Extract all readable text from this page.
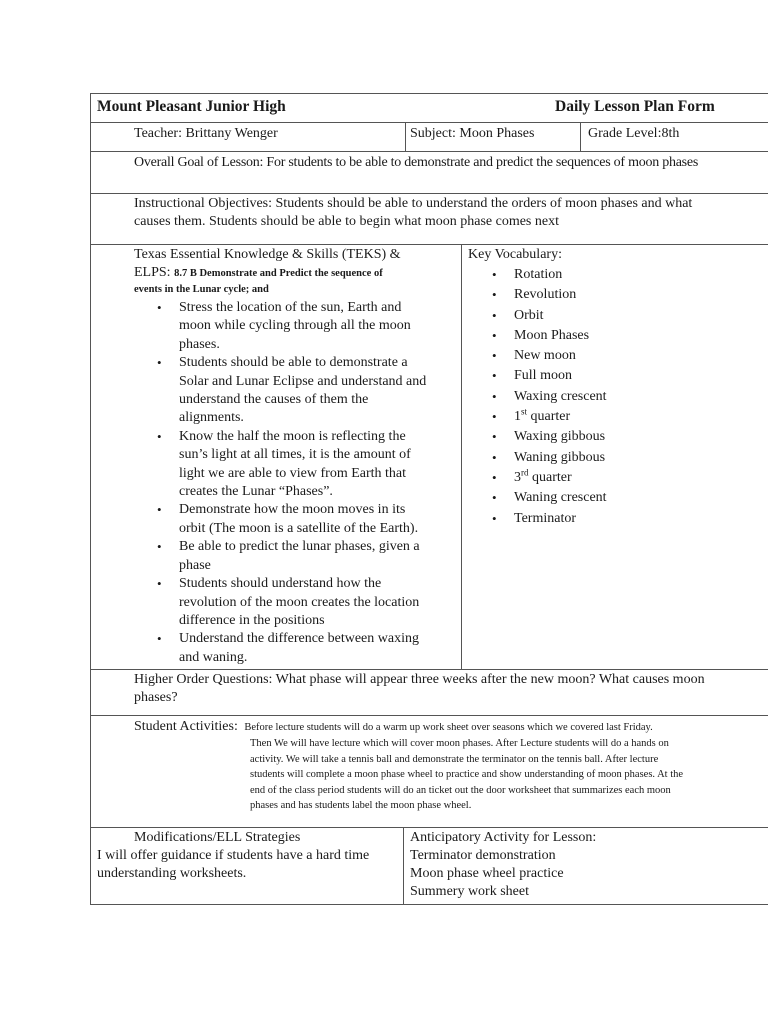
Mount Pleasant Junior High	Daily Lesson Plan Form
Teacher: Brittany Wenger	Subject: Moon Phases	Grade Level:8th
Overall Goal of Lesson: For students to be able to demonstrate and predict the sequences of moon phases
Instructional Objectives: Students should be able to understand the orders of moon phases and what
causes them. Students should be able to begin what moon phase comes next
Texas Essential Knowledge & Skills (TEKS) &
ELPS: 8.7 B Demonstrate and Predict the sequence of
events in the Lunar cycle; and
• Stress the location of the sun, Earth and
moon while cycling through all the moon
phases.
• Students should be able to demonstrate a
Solar and Lunar Eclipse and understand and
understand the causes of them the
alignments.
• Know the half the moon is reflecting the
sun’s light at all times, it is the amount of
light we are able to view from Earth that
creates the Lunar “Phases”.
• Demonstrate how the moon moves in its
orbit (The moon is a satellite of the Earth).
• Be able to predict the lunar phases, given a
phase
• Students should understand how the
revolution of the moon creates the location
difference in the positions
• Understand the difference between waxing
and waning.
Key Vocabulary:
• Rotation
• Revolution
• Orbit
• Moon Phases
• New moon
• Full moon
• Waxing crescent
• 1st quarter
• Waxing gibbous
• Waning gibbous
• 3rd quarter
• Waning crescent
• Terminator
Higher Order Questions: What phase will appear three weeks after the new moon? What causes moon
phases?
Student Activities: Before lecture students will do a warm up work sheet over seasons which we covered last Friday.
Then We will have lecture which will cover moon phases. After Lecture students will do a hands on
activity. We will take a tennis ball and demonstrate the terminator on the tennis ball. After lecture
students will complete a moon phase wheel to practice and show understanding of moon phases. At the
end of the class period students will do an ticket out the door worksheet that summarizes each moon
phases and has students label the moon phase wheel.
Modifications/ELL Strategies
I will offer guidance if students have a hard time
understanding worksheets.
Anticipatory Activity for Lesson:
Terminator demonstration
Moon phase wheel practice
Summery work sheet
